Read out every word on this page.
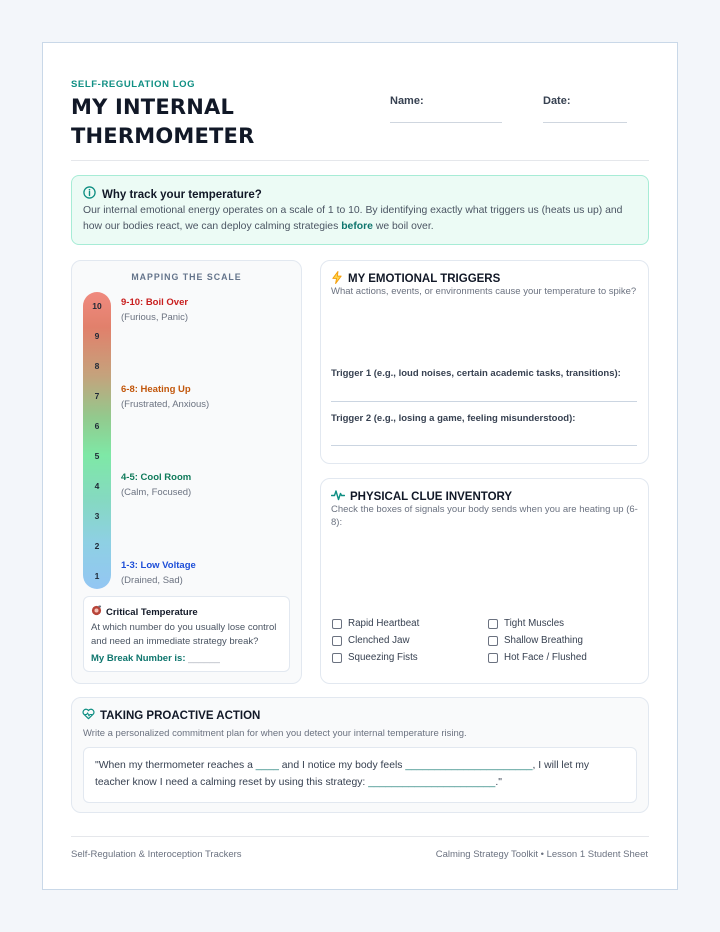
SELF-REGULATION LOG
MY INTERNAL THERMOMETER
Name:	Date:
Why track your temperature?
Our internal emotional energy operates on a scale of 1 to 10. By identifying exactly what triggers us (heats us up) and how our bodies react, we can deploy calming strategies before we boil over.
MAPPING THE SCALE
10
9
8
7
6
5
4
3
2
1
9-10: Boil Over
(Furious, Panic)
6-8: Heating Up
(Frustrated, Anxious)
4-5: Cool Room
(Calm, Focused)
1-3: Low Voltage
(Drained, Sad)
Critical Temperature
At which number do you usually lose control and need an immediate strategy break?
My Break Number is: ______
MY EMOTIONAL TRIGGERS
What actions, events, or environments cause your temperature to spike?
Trigger 1 (e.g., loud noises, certain academic tasks, transitions):
Trigger 2 (e.g., losing a game, feeling misunderstood):
PHYSICAL CLUE INVENTORY
Check the boxes of signals your body sends when you are heating up (6-8):
Rapid Heartbeat
Clenched Jaw
Squeezing Fists
Tight Muscles
Shallow Breathing
Hot Face / Flushed
TAKING PROACTIVE ACTION
Write a personalized commitment plan for when you detect your internal temperature rising.
"When my thermometer reaches a ____ and I notice my body feels ______________________, I will let my teacher know I need a calming reset by using this strategy: ______________________."
Self-Regulation & Interoception Trackers	Calming Strategy Toolkit • Lesson 1 Student Sheet
